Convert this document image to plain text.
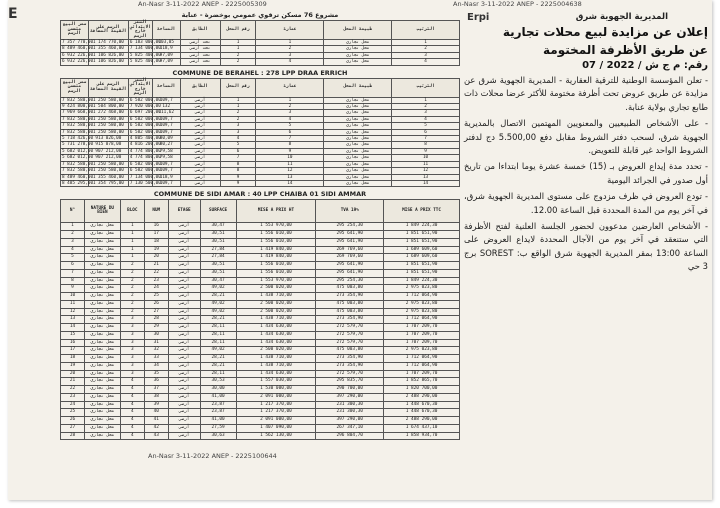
An-Nasr 3-11-2022 ANEP - 2225005309	An-Nasr 3-11-2022 ANEP - 2225004638
An-Nasr 3-11-2022 ANEP - 2225100644
E	مشروع 76 مسكن ترقوي عمومي بوخضرة - عنابة
سعر البيع متضمن الرسم	الرسم على القيمة المضافة	السعر الابتدائي خارج الرسم	المساحة	الطابق	رقم المحل	عمارة	طبيعة المحل	الترتيب
7 357 770,00	1 174 770,00	6 183 000,00	103,05	تحت أرضي	1	1	محل تجاري	1
8 489 460,00	1 355 460,00	7 134 000,00	118,9	تحت أرضي	1	2	محل تجاري	2
6 932 226,00	1 106 826,00	5 825 400,00	97,09	تحت أرضي	2	3	محل تجاري	3
6 932 226,00	1 106 826,00	5 825 400,00	97,09	تحت أرضي	2	4	محل تجاري	4
COMMUNE DE BERAHEL : 278 LPP DRAA ERRICH
سعر البيع متضمن الرسم	الرسم على القيمة المضافة	السعر الابتدائي خارج الرسم	المساحة	الطابق	رقم المحل	عمارة	طبيعة المحل	الترتيب
7 832 580,00	1 250 580,00	6 582 000,00	109,7	أرضي	1	1	محل تجاري	1
9 424 800,00	1 504 800,00	7 920 000,00	132	أرضي	1	2	محل تجاري	2
7 969 668,00	1 272 468,00	6 697 200,00	111,62	أرضي	2	3	محل تجاري	3
7 832 580,00	1 250 580,00	6 582 000,00	109,7	أرضي	2	4	محل تجاري	4
7 832 580,00	1 250 580,00	6 582 000,00	109,7	أرضي	3	5	محل تجاري	5
7 832 580,00	1 250 580,00	6 582 000,00	109,7	أرضي	3	6	محل تجاري	6
5 718 426,00	913 026,00	4 805 400,00	80,09	أرضي	4	7	محل تجاري	7
5 731 278,00	915 078,00	4 816 200,00	80,27	أرضي	5	8	محل تجاري	8
5 682 012,00	907 212,00	4 774 800,00	79,58	أرضي	6	9	محل تجاري	9
5 682 012,00	907 212,00	4 774 800,00	79,58	أرضي	7	10	محل تجاري	10
7 832 580,00	1 250 580,00	6 582 000,00	109,7	أرضي	8	11	محل تجاري	11
7 832 580,00	1 250 580,00	6 582 000,00	109,7	أرضي	8	12	محل تجاري	12
8 489 460,00	1 355 460,00	7 134 000,00	118,9	أرضي	9	13	محل تجاري	13
8 485 295,00	1 354 795,00	7 130 500,00	109,7	أرضي	9	14	محل تجاري	14
COMMUNE DE SIDI AMAR : 40 LPP CHAIBA 01 SIDI AMMAR
N°	NATURE DU BIEN	BLOC	NUM	ETAGE	SURFACE	MISE A PRIX HT	TVA 19%	MISE A PRIX TTC
1	محل تجاري	1	16	أرضي	30,47	1 553 970,00	295 254,30	1 849 224,30
2	محل تجاري	1	17	أرضي	30,51	1 556 010,00	295 641,90	1 851 651,90
3	محل تجاري	1	18	أرضي	30,51	1 556 010,00	295 641,90	1 851 651,90
4	محل تجاري	1	19	أرضي	27,84	1 419 840,00	269 769,60	1 689 609,60
5	محل تجاري	1	20	أرضي	27,84	1 419 840,00	269 769,60	1 689 609,60
6	محل تجاري	2	21	أرضي	30,51	1 556 010,00	295 641,90	1 851 651,90
7	محل تجاري	2	22	أرضي	30,51	1 556 010,00	295 641,90	1 851 651,90
8	محل تجاري	2	23	أرضي	30,47	1 553 970,00	295 254,30	1 849 224,30
9	محل تجاري	2	24	أرضي	49,02	2 500 020,00	475 003,80	2 975 023,80
10	محل تجاري	2	25	أرضي	28,21	1 438 710,00	273 354,90	1 712 064,90
11	محل تجاري	2	26	أرضي	49,02	2 500 020,00	475 003,80	2 975 023,80
12	محل تجاري	2	27	أرضي	49,02	2 500 020,00	475 003,80	2 975 023,80
13	محل تجاري	3	28	أرضي	28,21	1 438 710,00	273 354,90	1 712 064,90
14	محل تجاري	3	29	أرضي	28,11	1 434 630,00	272 579,70	1 707 209,70
15	محل تجاري	3	30	أرضي	28,11	1 434 630,00	272 579,70	1 707 209,70
16	محل تجاري	3	31	أرضي	28,11	1 434 630,00	272 579,70	1 707 209,70
17	محل تجاري	3	32	أرضي	49,02	2 500 020,00	475 003,80	2 975 023,80
18	محل تجاري	3	33	أرضي	28,21	1 438 710,00	273 354,90	1 712 064,90
19	محل تجاري	3	34	أرضي	28,21	1 438 710,00	273 354,90	1 712 064,90
20	محل تجاري	3	35	أرضي	28,11	1 434 630,00	272 579,70	1 707 209,70
21	محل تجاري	4	36	أرضي	30,53	1 557 030,00	295 835,70	1 852 865,70
22	محل تجاري	4	37	أرضي	30,00	1 530 000,00	290 700,00	1 820 700,00
23	محل تجاري	4	38	أرضي	41,00	2 091 000,00	397 290,00	2 488 290,00
24	محل تجاري	4	39	أرضي	23,87	1 217 370,00	231 300,30	1 448 670,30
25	محل تجاري	4	40	أرضي	23,87	1 217 370,00	231 300,30	1 448 670,30
26	محل تجاري	4	41	أرضي	41,00	2 091 000,00	397 290,00	2 488 290,00
27	محل تجاري	4	42	أرضي	27,59	1 407 090,00	267 347,10	1 674 437,10
28	محل تجاري	4	43	أرضي	30,63	1 562 130,00	296 804,70	1 858 934,70
Erpi	المديرية الجهوية شرق
إعلان عن مزايدة لبيع محلات تجارية
عن طريق الأظرفة المختومة
رقم: م ج ش / 2022 / 07
- تعلن المؤسسة الوطنية للترقية العقارية - المديرية الجهوية شرق عن مزايدة عن طريق عروض تحت أظرفة مختومة للأكثر عرضا محلات ذات طابع تجاري بولاية عنابة.
- على الأشخاص الطبيعيين والمعنويين المهتمين الاتصال بالمديرية الجهوية شرق، لسحب دفتر الشروط مقابل دفع 5.500,00 دج لدفتر الشروط الواحد غير قابلة للتعويض.
- تحدد مدة إيداع العروض بـ (15) خمسة عشرة يوما ابتداءا من تاريخ أول صدور في الجرائد اليومية
- تودع العروض في ظرف مزدوج على مستوى المديرية الجهوية شرق، في آخر يوم من المدة المحددة قبل الساعة 12.00.
- الأشخاص العارضين مدعوون لحضور الجلسة العلنية لفتح الأظرفة التي ستنعقد في آخر يوم من الآجال المحددة لايداع العروض على الساعة 13:00 بمقر المديرية الجهوية شرق الواقع ب: SOREST برج 3 حي
